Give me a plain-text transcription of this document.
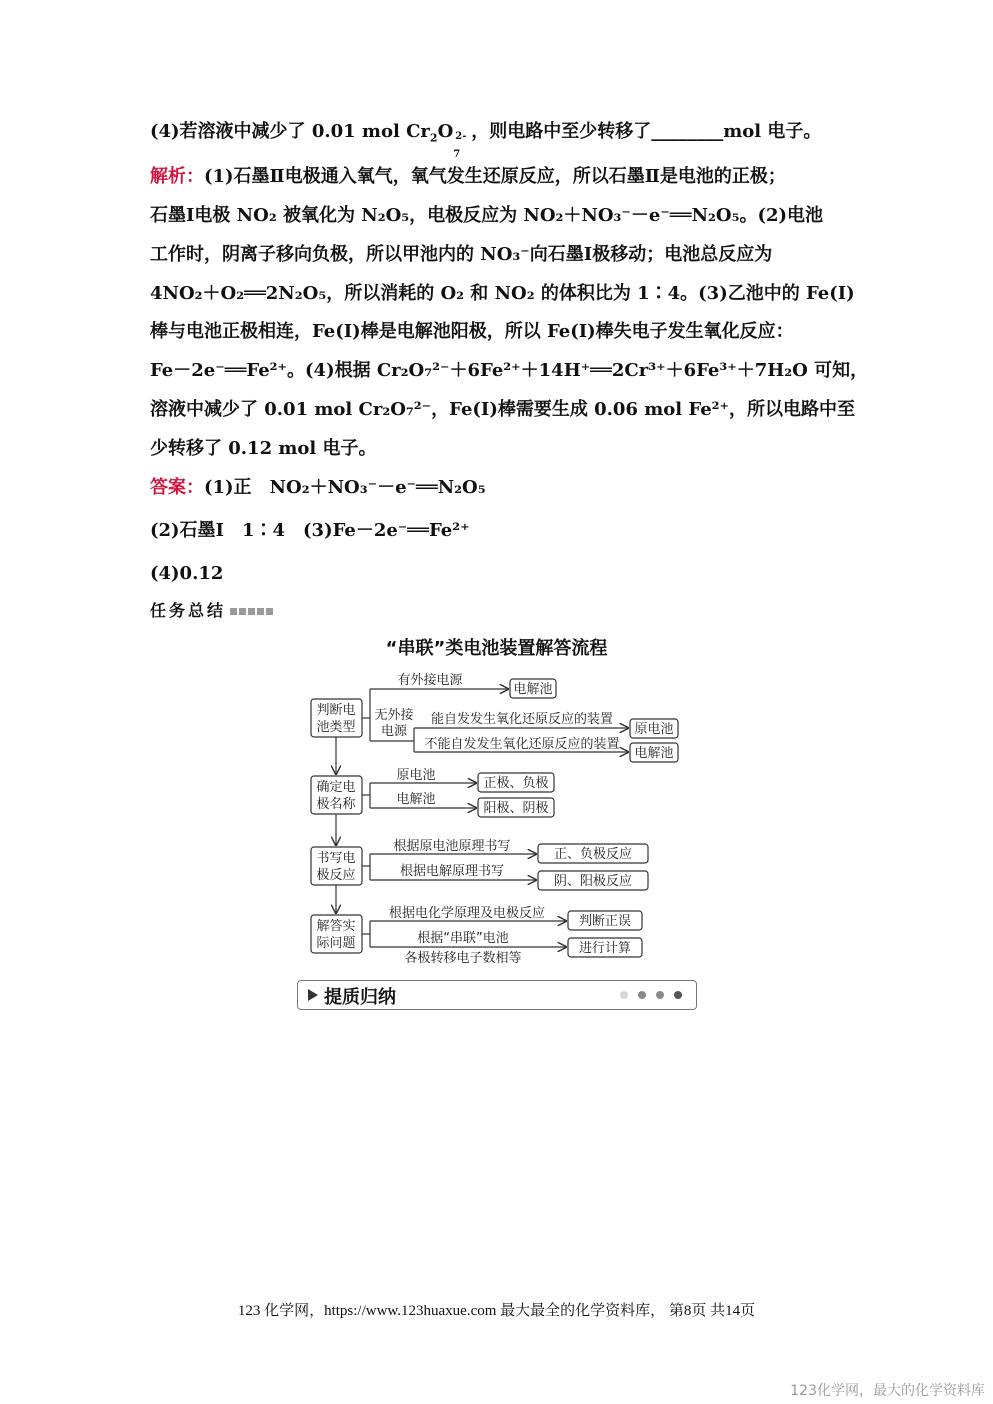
(4)若溶液中减少了 0.01 mol $Cr_2O$
7
2- ，则电路中至少转移了________mol 电子。
解析：(1)石墨Ⅱ电极通入氧气，氧气发生还原反应，所以石墨Ⅱ是电池的正极；
石墨Ⅰ电极 NO₂ 被氧化为 N₂O₅，电极反应为 NO₂＋NO₃⁻－e⁻══N₂O₅。(2)电池
工作时，阴离子移向负极，所以甲池内的 NO₃⁻向石墨Ⅰ极移动；电池总反应为
4NO₂＋O₂══2N₂O₅，所以消耗的 O₂ 和 NO₂ 的体积比为 1∶4。(3)乙池中的 Fe(Ⅰ)
棒与电池正极相连，Fe(Ⅰ)棒是电解池阳极，所以 Fe(Ⅰ)棒失电子发生氧化反应：
Fe－2e⁻══Fe²⁺。(4)根据 Cr₂O₇²⁻＋6Fe²⁺＋14H⁺══2Cr³⁺＋6Fe³⁺＋7H₂O 可知，
溶液中减少了 0.01 mol Cr₂O₇²⁻，Fe(Ⅰ)棒需要生成 0.06 mol Fe²⁺，所以电路中至
少转移了 0.12 mol 电子。
答案：(1)正　NO₂＋NO₃⁻－e⁻══N₂O₅
(2)石墨Ⅰ　1∶4　(3)Fe－2e⁻══Fe²⁺
(4)0.12
任务总结
“串联”类电池装置解答流程
判断电
池类型
确定电
极名称
书写电
极反应
解答实
际问题
有外接电源
电解池
无外接
电源
能自发发生氧化还原反应的装置
原电池
不能自发发生氧化还原反应的装置
电解池
原电池
正极、负极
电解池
阳极、阴极
根据原电池原理书写
正、负极反应
根据电解原理书写
阴、阳极反应
根据电化学原理及电极反应
判断正误
根据“串联”电池
各极转移电子数相等
进行计算
提质归纳
123 化学网，https://www.123huaxue.com 最大最全的化学资料库， 第8页 共14页
123化学网，最大的化学资料库
